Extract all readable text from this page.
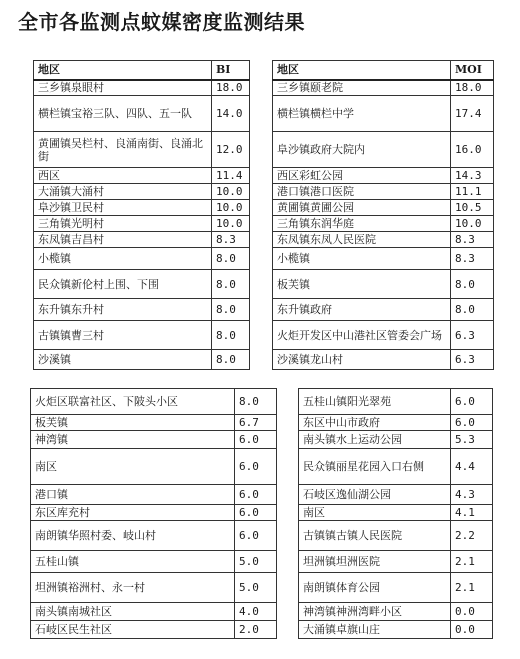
全市各监测点蚊媒密度监测结果
地区	BI
三乡镇泉眼村	18.0
横栏镇宝裕三队、四队、五一队	14.0
黄圃镇吴栏村、良涌南街、良涌北街	12.0
西区	11.4
大涌镇大涌村	10.0
阜沙镇卫民村	10.0
三角镇光明村	10.0
东凤镇吉昌村	8.3
小榄镇	8.0
民众镇新伦村上围、下围	8.0
东升镇东升村	8.0
古镇镇曹三村	8.0
沙溪镇	8.0
地区	MOI
三乡镇颐老院	18.0
横栏镇横栏中学	17.4
阜沙镇政府大院内	16.0
西区彩虹公园	14.3
港口镇港口医院	11.1
黄圃镇黄圃公园	10.5
三角镇东润华庭	10.0
东凤镇东凤人民医院	8.3
小榄镇	8.3
板芙镇	8.0
东升镇政府	8.0
火炬开发区中山港社区管委会广场	6.3
沙溪镇龙山村	6.3
火炬区联富社区、下陂头小区	8.0
板芙镇	6.7
神湾镇	6.0
南区	6.0
港口镇	6.0
东区库充村	6.0
南朗镇华照村委、岐山村	6.0
五桂山镇	5.0
坦洲镇裕洲村、永一村	5.0
南头镇南城社区	4.0
石岐区民生社区	2.0
五桂山镇阳光翠苑	6.0
东区中山市政府	6.0
南头镇水上运动公园	5.3
民众镇丽星花园入口右侧	4.4
石岐区逸仙湖公园	4.3
南区	4.1
古镇镇古镇人民医院	2.2
坦洲镇坦洲医院	2.1
南朗镇体育公园	2.1
神湾镇神洲湾畔小区	0.0
大涌镇卓旗山庄	0.0
